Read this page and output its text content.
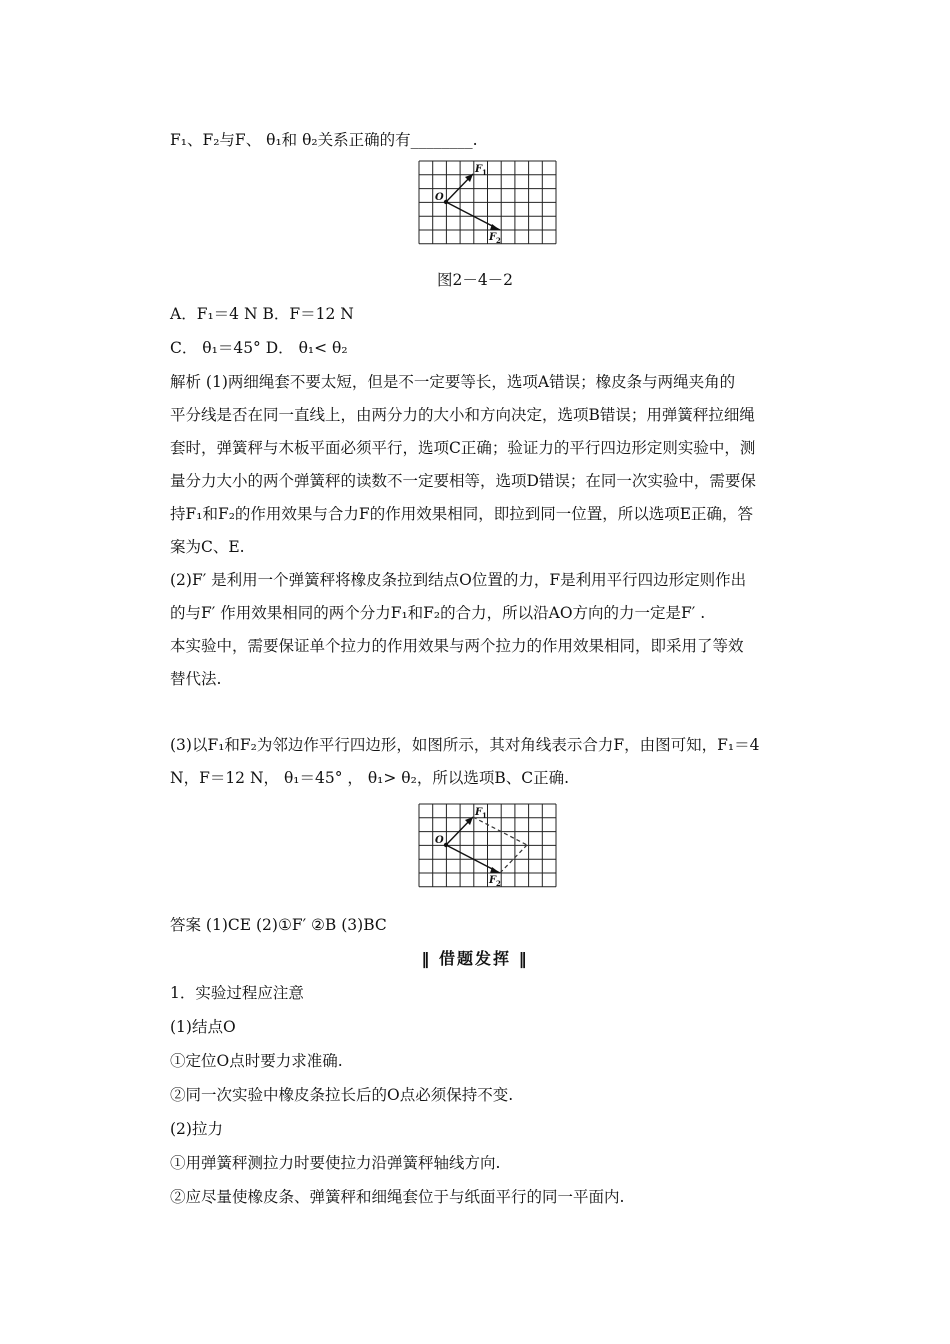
F₁、F₂与F、 θ₁和 θ₂关系正确的有________.
O
F 1
F 2
图2－4－2
A．F₁＝4 N B．F＝12 N
C． θ₁＝45° D． θ₁< θ₂
解析 (1)两细绳套不要太短，但是不一定要等长，选项A错误；橡皮条与两绳夹角的
平分线是否在同一直线上，由两分力的大小和方向决定，选项B错误；用弹簧秤拉细绳
套时，弹簧秤与木板平面必须平行，选项C正确；验证力的平行四边形定则实验中，测
量分力大小的两个弹簧秤的读数不一定要相等，选项D错误；在同一次实验中，需要保
持F₁和F₂的作用效果与合力F的作用效果相同，即拉到同一位置，所以选项E正确，答
案为C、E.
(2)F′ 是利用一个弹簧秤将橡皮条拉到结点O位置的力，F是利用平行四边形定则作出
的与F′ 作用效果相同的两个分力F₁和F₂的合力，所以沿AO方向的力一定是F′ .
本实验中，需要保证单个拉力的作用效果与两个拉力的作用效果相同，即采用了等效
替代法.
(3)以F₁和F₂为邻边作平行四边形，如图所示，其对角线表示合力F，由图可知，F₁＝4
N，F＝12 N， θ₁＝45° ， θ₁> θ₂，所以选项B、C正确.
O
F 1
F 2
答案 (1)CE (2)①F′ ②B (3)BC
‖ 借题发挥 ‖
1．实验过程应注意
(1)结点O
①定位O点时要力求准确.
②同一次实验中橡皮条拉长后的O点必须保持不变.
(2)拉力
①用弹簧秤测拉力时要使拉力沿弹簧秤轴线方向.
②应尽量使橡皮条、弹簧秤和细绳套位于与纸面平行的同一平面内.
